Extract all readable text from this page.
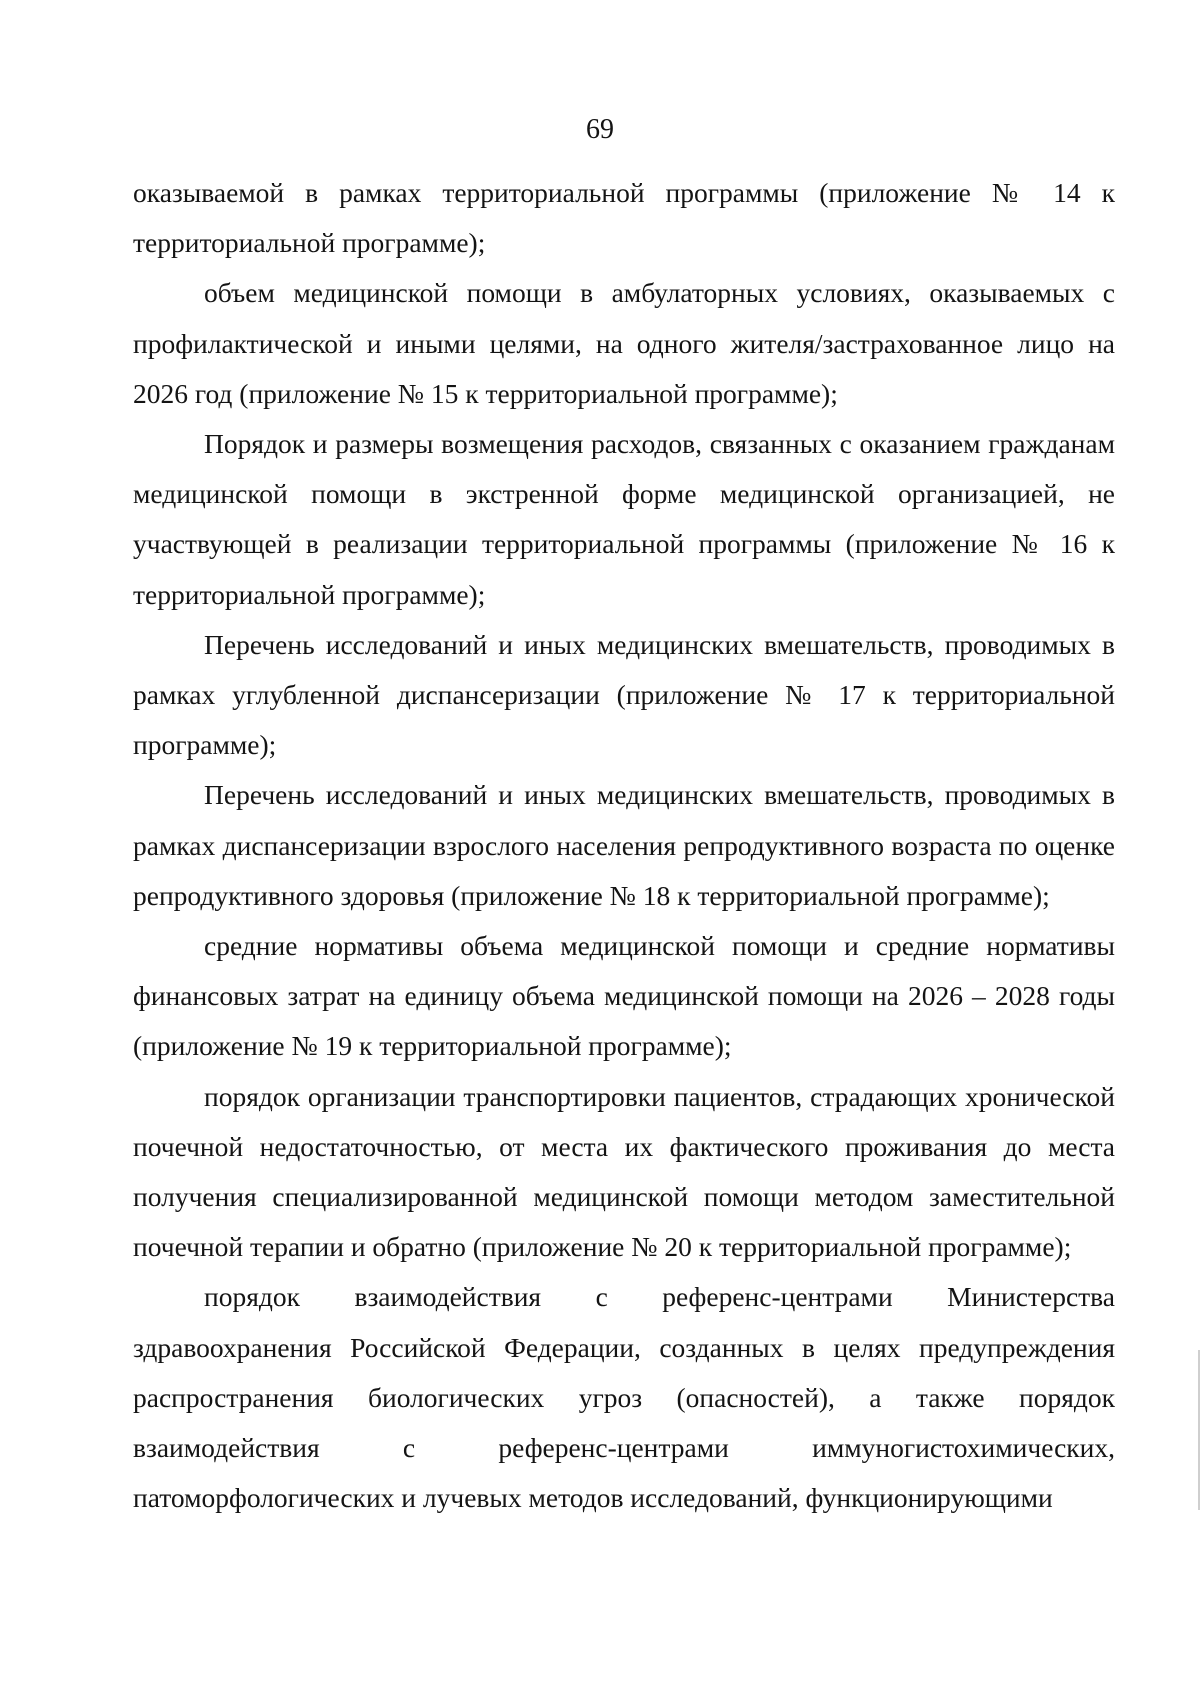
69

оказываемой в рамках территориальной программы (приложение № 14 к территориальной программе);

объем медицинской помощи в амбулаторных условиях, оказываемых с профилактической и иными целями, на одного жителя/застрахованное лицо на 2026 год (приложение № 15 к территориальной программе);

Порядок и размеры возмещения расходов, связанных с оказанием гражданам медицинской помощи в экстренной форме медицинской организацией, не участвующей в реализации территориальной программы (приложение № 16 к территориальной программе);

Перечень исследований и иных медицинских вмешательств, проводимых в рамках углубленной диспансеризации (приложение № 17 к территориальной программе);

Перечень исследований и иных медицинских вмешательств, проводимых в рамках диспансеризации взрослого населения репродуктивного возраста по оценке репродуктивного здоровья (приложение № 18 к территориальной программе);

средние нормативы объема медицинской помощи и средние нормативы финансовых затрат на единицу объема медицинской помощи на 2026 – 2028 годы (приложение № 19 к территориальной программе);

порядок организации транспортировки пациентов, страдающих хронической почечной недостаточностью, от места их фактического проживания до места получения специализированной медицинской помощи методом заместительной почечной терапии и обратно (приложение № 20 к территориальной программе);

порядок взаимодействия с референс-центрами Министерства здравоохранения Российской Федерации, созданных в целях предупреждения распространения биологических угроз (опасностей), а также порядок взаимодействия с референс-центрами иммуногистохимических, патоморфологических и лучевых методов исследований, функционирующими
